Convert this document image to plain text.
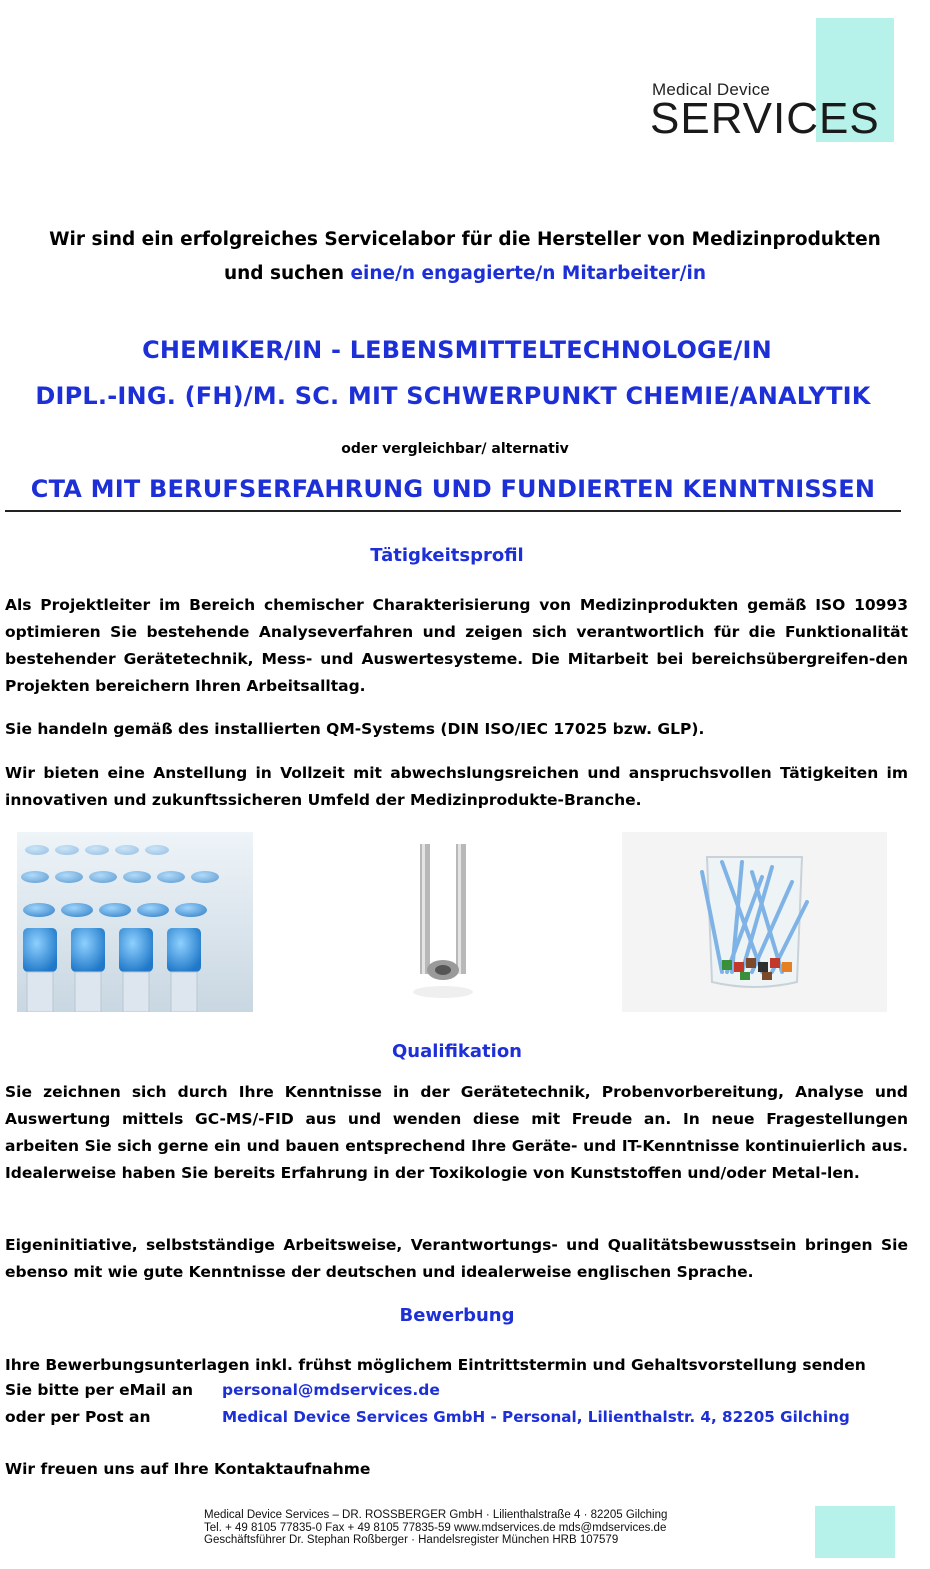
Medical Device
SERVICES
Wir sind ein erfolgreiches Servicelabor für die Hersteller von Medizinprodukten
und suchen eine/n engagierte/n Mitarbeiter/in
CHEMIKER/IN - LEBENSMITTELTECHNOLOGE/IN
DIPL.-ING. (FH)/M. SC. MIT SCHWERPUNKT CHEMIE/ANALYTIK
oder vergleichbar/ alternativ
CTA MIT BERUFSERFAHRUNG UND FUNDIERTEN KENNTNISSEN
Tätigkeitsprofil
Als Projektleiter im Bereich chemischer Charakterisierung von Medizinprodukten gemäß ISO 10993 optimieren Sie bestehende Analyseverfahren und zeigen sich verantwortlich für die Funktionalität bestehender Gerätetechnik, Mess- und Auswertesysteme. Die Mitarbeit bei bereichsübergreifen-den Projekten bereichern Ihren Arbeitsalltag.
Sie handeln gemäß des installierten QM-Systems (DIN ISO/IEC 17025 bzw. GLP).
Wir bieten eine Anstellung in Vollzeit mit abwechslungsreichen und anspruchsvollen Tätigkeiten im innovativen und zukunftssicheren Umfeld der Medizinprodukte-Branche.
Qualifikation
Sie zeichnen sich durch Ihre Kenntnisse in der Gerätetechnik, Probenvorbereitung, Analyse und Auswertung mittels GC-MS/-FID aus und wenden diese mit Freude an. In neue Fragestellungen arbeiten Sie sich gerne ein und bauen entsprechend Ihre Geräte- und IT-Kenntnisse kontinuierlich aus. Idealerweise haben Sie bereits Erfahrung in der Toxikologie von Kunststoffen und/oder Metal-len.
Eigeninitiative, selbstständige Arbeitsweise, Verantwortungs- und Qualitätsbewusstsein bringen Sie ebenso mit wie gute Kenntnisse der deutschen und idealerweise englischen Sprache.
Bewerbung
Ihre Bewerbungsunterlagen inkl. frühst möglichem Eintrittstermin und Gehaltsvorstellung senden
Sie bitte per eMail an personal@mdservices.de
oder per Post an	Medical Device Services GmbH - Personal, Lilienthalstr. 4, 82205 Gilching
Wir freuen uns auf Ihre Kontaktaufnahme
Medical Device Services – DR. ROSSBERGER GmbH · Lilienthalstraße 4 · 82205 Gilching
Tel. + 49 8105 77835-0 Fax + 49 8105 77835-59 www.mdservices.de mds@mdservices.de
Geschäftsführer Dr. Stephan Roßberger · Handelsregister München HRB 107579
